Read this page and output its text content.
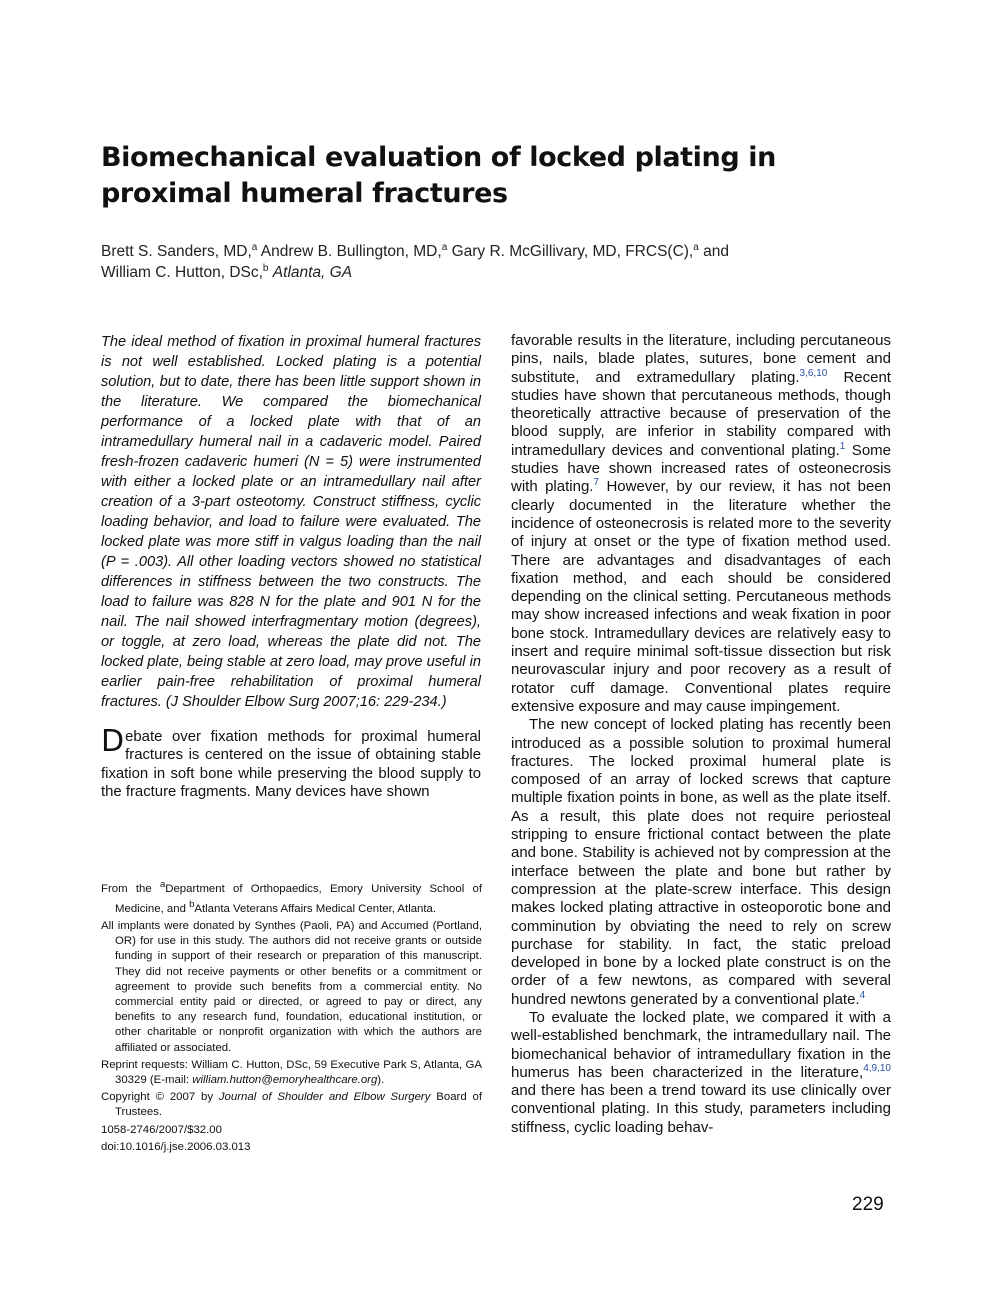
Biomechanical evaluation of locked plating in proximal humeral fractures
Brett S. Sanders, MD,$^a$ Andrew B. Bullington, MD,$^a$ Gary R. McGillivary, MD, FRCS(C),$^a$ and
William C. Hutton, DSc,$^b$ Atlanta, GA

The ideal method of fixation in proximal humeral fractures is not well established. Locked plating is a potential solution, but to date, there has been little support shown in the literature. We compared the biomechanical performance of a locked plate with that of an intramedullary humeral nail in a cadaveric model. Paired fresh-frozen cadaveric humeri (N = 5) were instrumented with either a locked plate or an intramedullary nail after creation of a 3-part osteotomy. Construct stiffness, cyclic loading behavior, and load to failure were evaluated. The locked plate was more stiff in valgus loading than the nail (P = .003). All other loading vectors showed no statistical differences in stiffness between the two constructs. The load to failure was 828 N for the plate and 901 N for the nail. The nail showed interfragmentary motion (degrees), or toggle, at zero load, whereas the plate did not. The locked plate, being stable at zero load, may prove useful in earlier pain-free rehabilitation of proximal humeral fractures. (J Shoulder Elbow Surg 2007;16: 229-234.)

Debate over fixation methods for proximal humeral fractures is centered on the issue of obtaining stable fixation in soft bone while preserving the blood supply to the fracture fragments. Many devices have shown

From the $^a$Department of Orthopaedics, Emory University School of Medicine, and $^b$Atlanta Veterans Affairs Medical Center, Atlanta.

All implants were donated by Synthes (Paoli, PA) and Accumed (Portland, OR) for use in this study. The authors did not receive grants or outside funding in support of their research or preparation of this manuscript. They did not receive payments or other benefits or a commitment or agreement to provide such benefits from a commercial entity. No commercial entity paid or directed, or agreed to pay or direct, any benefits to any research fund, foundation, educational institution, or other charitable or nonprofit organization with which the authors are affiliated or associated.

Reprint requests: William C. Hutton, DSc, 59 Executive Park S, Atlanta, GA 30329 (E-mail: william.hutton@emoryhealthcare.org).

Copyright © 2007 by Journal of Shoulder and Elbow Surgery Board of Trustees.

1058-2746/2007/$32.00

doi:10.1016/j.jse.2006.03.013

favorable results in the literature, including percutaneous pins, nails, blade plates, sutures, bone cement and substitute, and extramedullary plating.$^{3,6,10}$ Recent studies have shown that percutaneous methods, though theoretically attractive because of preservation of the blood supply, are inferior in stability compared with intramedullary devices and conventional plating.$^1$ Some studies have shown increased rates of osteonecrosis with plating.$^7$ However, by our review, it has not been clearly documented in the literature whether the incidence of osteonecrosis is related more to the severity of injury at onset or the type of fixation method used. There are advantages and disadvantages of each fixation method, and each should be considered depending on the clinical setting. Percutaneous methods may show increased infections and weak fixation in poor bone stock. Intramedullary devices are relatively easy to insert and require minimal soft-tissue dissection but risk neurovascular injury and poor recovery as a result of rotator cuff damage. Conventional plates require extensive exposure and may cause impingement.

The new concept of locked plating has recently been introduced as a possible solution to proximal humeral fractures. The locked proximal humeral plate is composed of an array of locked screws that capture multiple fixation points in bone, as well as the plate itself. As a result, this plate does not require periosteal stripping to ensure frictional contact between the plate and bone. Stability is achieved not by compression at the interface between the plate and bone but rather by compression at the plate-screw interface. This design makes locked plating attractive in osteoporotic bone and comminution by obviating the need to rely on screw purchase for stability. In fact, the static preload developed in bone by a locked plate construct is on the order of a few newtons, as compared with several hundred newtons generated by a conventional plate.$^4$

To evaluate the locked plate, we compared it with a well-established benchmark, the intramedullary nail. The biomechanical behavior of intramedullary fixation in the humerus has been characterized in the literature,$^{4,9,10}$ and there has been a trend toward its use clinically over conventional plating. In this study, parameters including stiffness, cyclic loading behav-

229
